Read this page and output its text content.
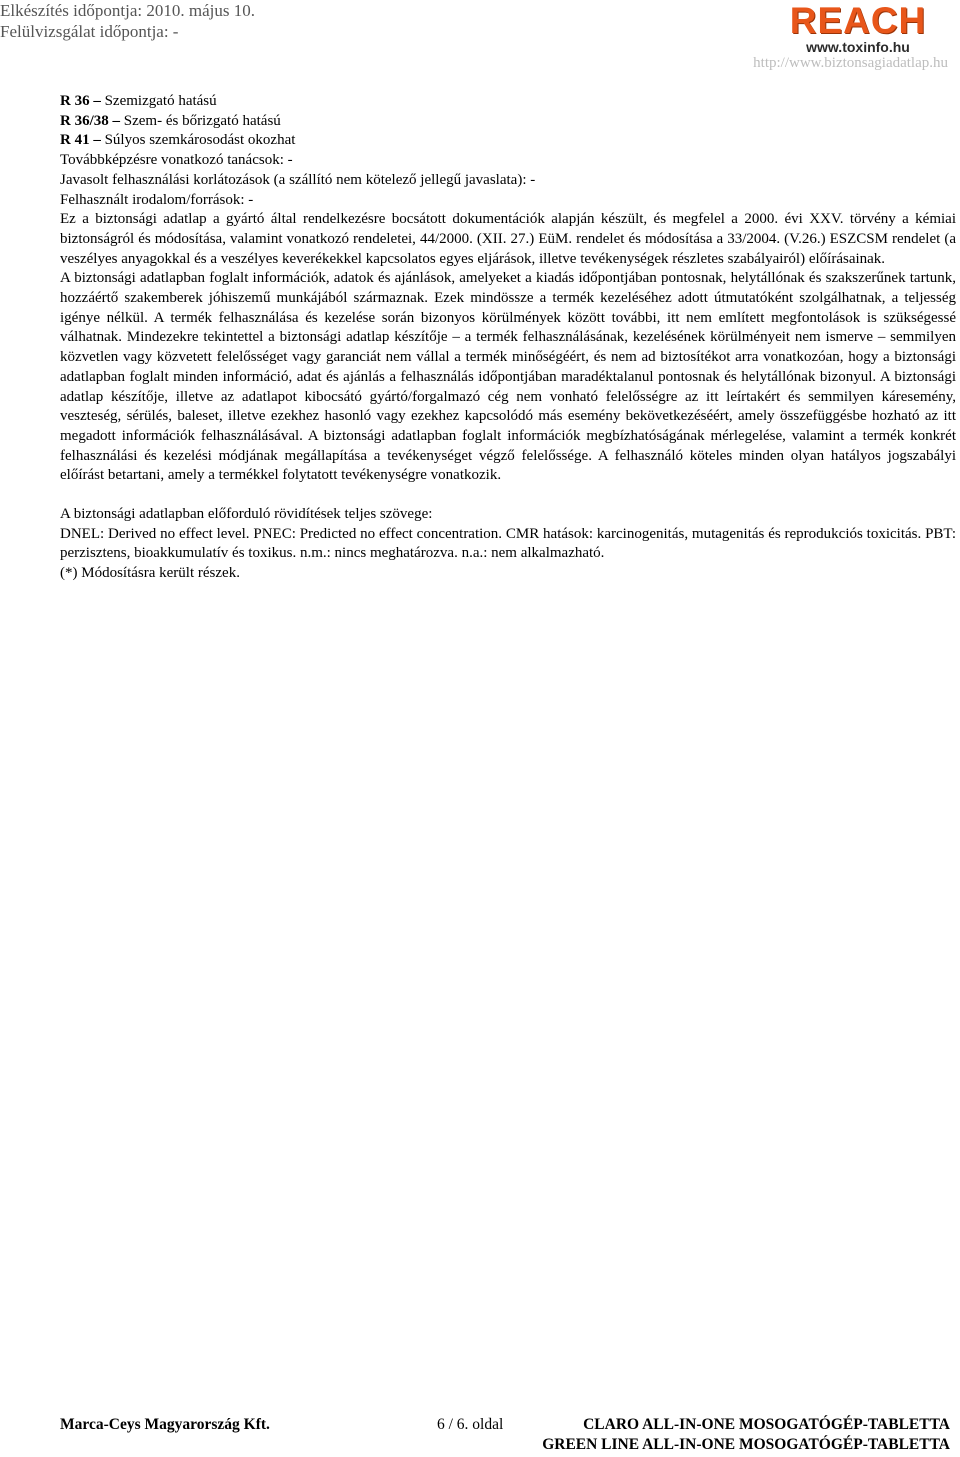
Elkészítés időpontja: 2010. május 10.
Felülvizsgálat időpontja: -	REACH
www.toxinfo.hu
http://www.biztonsagiadatlap.hu

R 36 – Szemizgató hatású

R 36/38 – Szem- és bőrizgató hatású

R 41 – Súlyos szemkárosodást okozhat

Továbbképzésre vonatkozó tanácsok: -

Javasolt felhasználási korlátozások (a szállító nem kötelező jellegű javaslata): -

Felhasznált irodalom/források: -

Ez a biztonsági adatlap a gyártó által rendelkezésre bocsátott dokumentációk alapján készült, és megfelel a 2000. évi XXV. törvény a kémiai biztonságról és módosítása, valamint vonatkozó rendeletei, 44/2000. (XII. 27.) EüM. rendelet és módosítása a 33/2004. (V.26.) ESZCSM rendelet (a veszélyes anyagokkal és a veszélyes keverékekkel kapcsolatos egyes eljárások, illetve tevékenységek részletes szabályairól) előírásainak.

A biztonsági adatlapban foglalt információk, adatok és ajánlások, amelyeket a kiadás időpontjában pontosnak, helytállónak és szakszerűnek tartunk, hozzáértő szakemberek jóhiszemű munkájából származnak. Ezek mindössze a termék kezeléséhez adott útmutatóként szolgálhatnak, a teljesség igénye nélkül. A termék felhasználása és kezelése során bizonyos körülmények között további, itt nem említett megfontolások is szükségessé válhatnak. Mindezekre tekintettel a biztonsági adatlap készítője – a termék felhasználásának, kezelésének körülményeit nem ismerve – semmilyen közvetlen vagy közvetett felelősséget vagy garanciát nem vállal a termék minőségéért, és nem ad biztosítékot arra vonatkozóan, hogy a biztonsági adatlapban foglalt minden információ, adat és ajánlás a felhasználás időpontjában maradéktalanul pontosnak és helytállónak bizonyul. A biztonsági adatlap készítője, illetve az adatlapot kibocsátó gyártó/forgalmazó cég nem vonható felelősségre az itt leírtakért és semmilyen káresemény, veszteség, sérülés, baleset, illetve ezekhez hasonló vagy ezekhez kapcsolódó más esemény bekövetkezéséért, amely összefüggésbe hozható az itt megadott információk felhasználásával. A biztonsági adatlapban foglalt információk megbízhatóságának mérlegelése, valamint a termék konkrét felhasználási és kezelési módjának megállapítása a tevékenységet végző felelőssége. A felhasználó köteles minden olyan hatályos jogszabályi előírást betartani, amely a termékkel folytatott tevékenységre vonatkozik.

A biztonsági adatlapban előforduló rövidítések teljes szövege:

DNEL: Derived no effect level. PNEC: Predicted no effect concentration. CMR hatások: karcinogenitás, mutagenitás és reprodukciós toxicitás. PBT: perzisztens, bioakkumulatív és toxikus. n.m.: nincs meghatározva. n.a.: nem alkalmazható.

(*) Módosításra került részek.

Marca-Ceys Magyarország Kft.	6 / 6. oldal	CLARO ALL-IN-ONE MOSOGATÓGÉP-TABLETTA
GREEN LINE ALL-IN-ONE MOSOGATÓGÉP-TABLETTA
